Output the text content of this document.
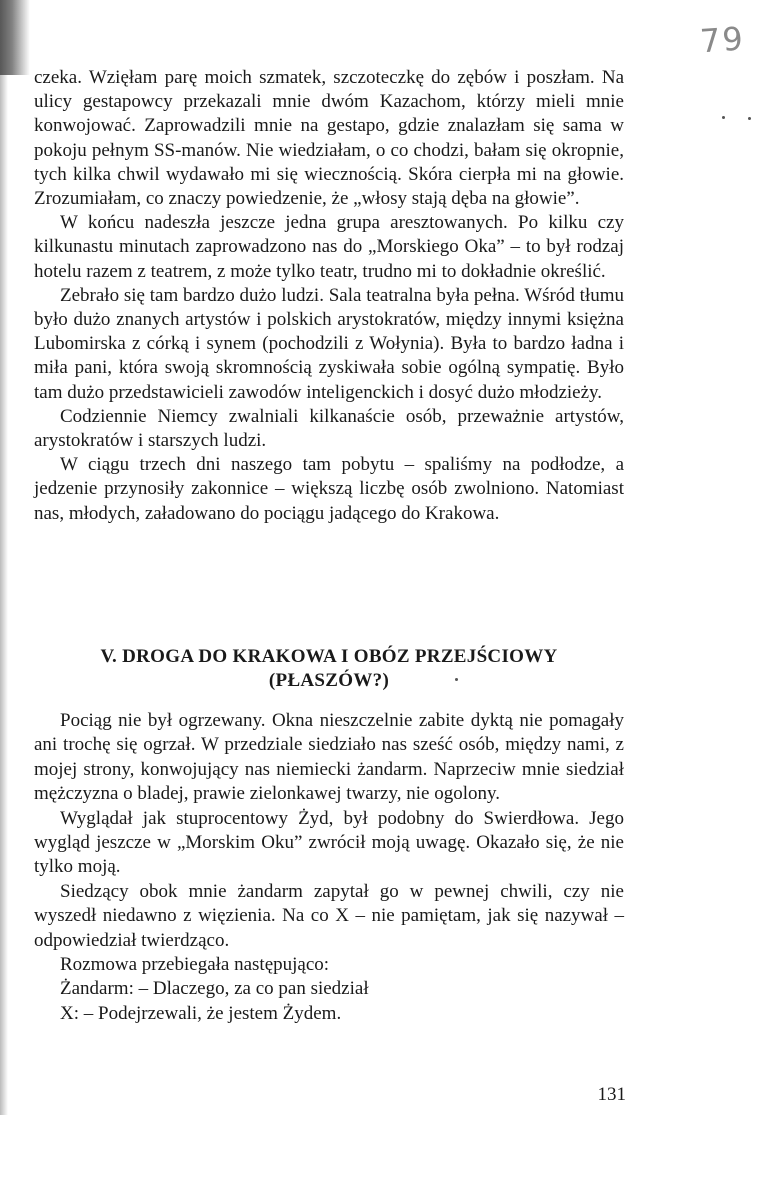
79

czeka. Wzięłam parę moich szmatek, szczoteczkę do zębów i poszłam. Na ulicy gestapowcy przekazali mnie dwóm Kazachom, którzy mieli mnie konwojować. Zaprowadzili mnie na gestapo, gdzie znalazłam się sama w pokoju pełnym SS-manów. Nie wiedziałam, o co chodzi, bałam się okropnie, tych kilka chwil wydawało mi się wiecznością. Skóra cierpła mi na głowie. Zrozumiałam, co znaczy powiedzenie, że „włosy stają dęba na głowie”.

W końcu nadeszła jeszcze jedna grupa aresztowanych. Po kilku czy kilkunastu minutach zaprowadzono nas do „Morskiego Oka” – to był rodzaj hotelu razem z teatrem, z może tylko teatr, trudno mi to dokładnie określić.

Zebrało się tam bardzo dużo ludzi. Sala teatralna była pełna. Wśród tłumu było dużo znanych artystów i polskich arystokratów, między innymi księżna Lubomirska z córką i synem (pochodzili z Wołynia). Była to bardzo ładna i miła pani, która swoją skromnością zyskiwała sobie ogólną sympatię. Było tam dużo przedstawicieli zawodów inteligenckich i dosyć dużo młodzieży.

Codziennie Niemcy zwalniali kilkanaście osób, przeważnie artystów, arystokratów i starszych ludzi.

W ciągu trzech dni naszego tam pobytu – spaliśmy na podłodze, a jedzenie przynosiły zakonnice – większą liczbę osób zwolniono. Natomiast nas, młodych, załadowano do pociągu jadącego do Krakowa.

V. DROGA DO KRAKOWA I OBÓZ PRZEJŚCIOWY
(PŁASZÓW?)

Pociąg nie był ogrzewany. Okna nieszczelnie zabite dyktą nie pomagały ani trochę się ogrzał. W przedziale siedziało nas sześć osób, między nami, z mojej strony, konwojujący nas niemiecki żandarm. Naprzeciw mnie siedział mężczyzna o bladej, prawie zielonkawej twarzy, nie ogolony.

Wyglądał jak stuprocentowy Żyd, był podobny do Swierdłowa. Jego wygląd jeszcze w „Morskim Oku” zwrócił moją uwagę. Okazało się, że nie tylko moją.

Siedzący obok mnie żandarm zapytał go w pewnej chwili, czy nie wyszedł niedawno z więzienia. Na co X – nie pamiętam, jak się nazywał – odpowiedział twierdząco.

Rozmowa przebiegała następująco:

Żandarm: – Dlaczego, za co pan siedział

X: – Podejrzewali, że jestem Żydem.

131
